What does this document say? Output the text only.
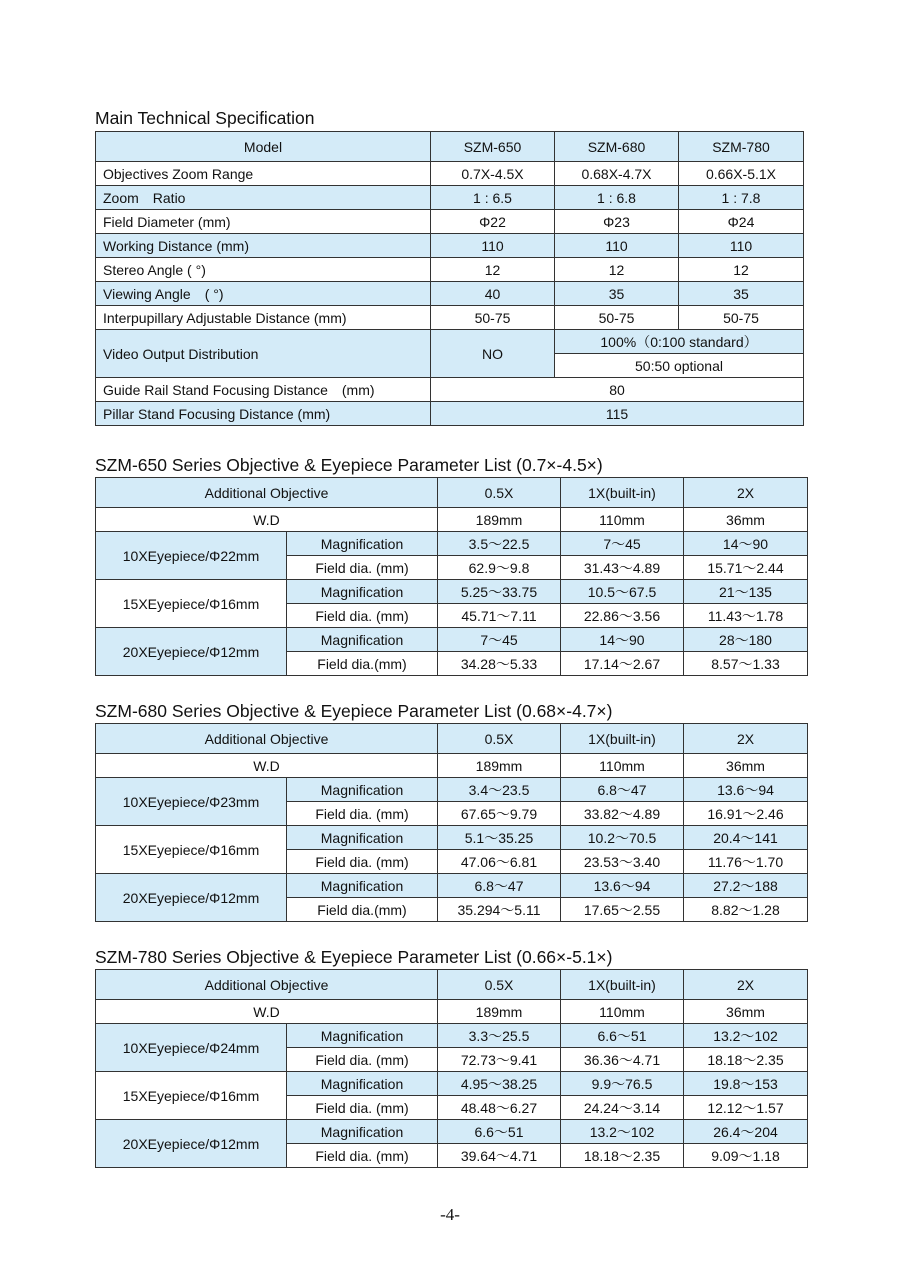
Main Technical Specification
Model	SZM-650	SZM-680	SZM-780
Objectives Zoom Range	0.7X-4.5X	0.68X-4.7X	0.66X-5.1X
Zoom　Ratio	1 : 6.5	1 : 6.8	1 : 7.8
Field Diameter (mm)	Φ22	Φ23	Φ24
Working Distance (mm)	110	110	110
Stereo Angle ( °)	12	12	12
Viewing Angle　( °)	40	35	35
Interpupillary Adjustable Distance (mm)	50-75	50-75	50-75
Video Output Distribution	NO	100%（0:100 standard）	
		50:50 optional	
Guide Rail Stand Focusing Distance　(mm)	80		
Pillar Stand Focusing Distance (mm)	115		
SZM-650 Series Objective & Eyepiece Parameter List (0.7×-4.5×)
Additional Objective		0.5X	1X(built-in)	2X
W.D		189mm	110mm	36mm
10XEyepiece/Φ22mm	Magnification	3.5～22.5	7～45	14～90
	Field dia. (mm)	62.9～9.8	31.43～4.89	15.71～2.44
15XEyepiece/Φ16mm	Magnification	5.25～33.75	10.5～67.5	21～135
	Field dia. (mm)	45.71～7.11	22.86～3.56	11.43～1.78
20XEyepiece/Φ12mm	Magnification	7～45	14～90	28～180
	Field dia.(mm)	34.28～5.33	17.14～2.67	8.57～1.33
SZM-680 Series Objective & Eyepiece Parameter List (0.68×-4.7×)
Additional Objective		0.5X	1X(built-in)	2X
W.D		189mm	110mm	36mm
10XEyepiece/Φ23mm	Magnification	3.4～23.5	6.8～47	13.6～94
	Field dia. (mm)	67.65～9.79	33.82～4.89	16.91～2.46
15XEyepiece/Φ16mm	Magnification	5.1～35.25	10.2～70.5	20.4～141
	Field dia. (mm)	47.06～6.81	23.53～3.40	11.76～1.70
20XEyepiece/Φ12mm	Magnification	6.8～47	13.6～94	27.2～188
	Field dia.(mm)	35.294～5.11	17.65～2.55	8.82～1.28
SZM-780 Series Objective & Eyepiece Parameter List (0.66×-5.1×)
Additional Objective		0.5X	1X(built-in)	2X
W.D		189mm	110mm	36mm
10XEyepiece/Φ24mm	Magnification	3.3～25.5	6.6～51	13.2～102
	Field dia. (mm)	72.73～9.41	36.36～4.71	18.18～2.35
15XEyepiece/Φ16mm	Magnification	4.95～38.25	9.9～76.5	19.8～153
	Field dia. (mm)	48.48～6.27	24.24～3.14	12.12～1.57
20XEyepiece/Φ12mm	Magnification	6.6～51	13.2～102	26.4～204
	Field dia. (mm)	39.64～4.71	18.18～2.35	9.09～1.18
-4-
